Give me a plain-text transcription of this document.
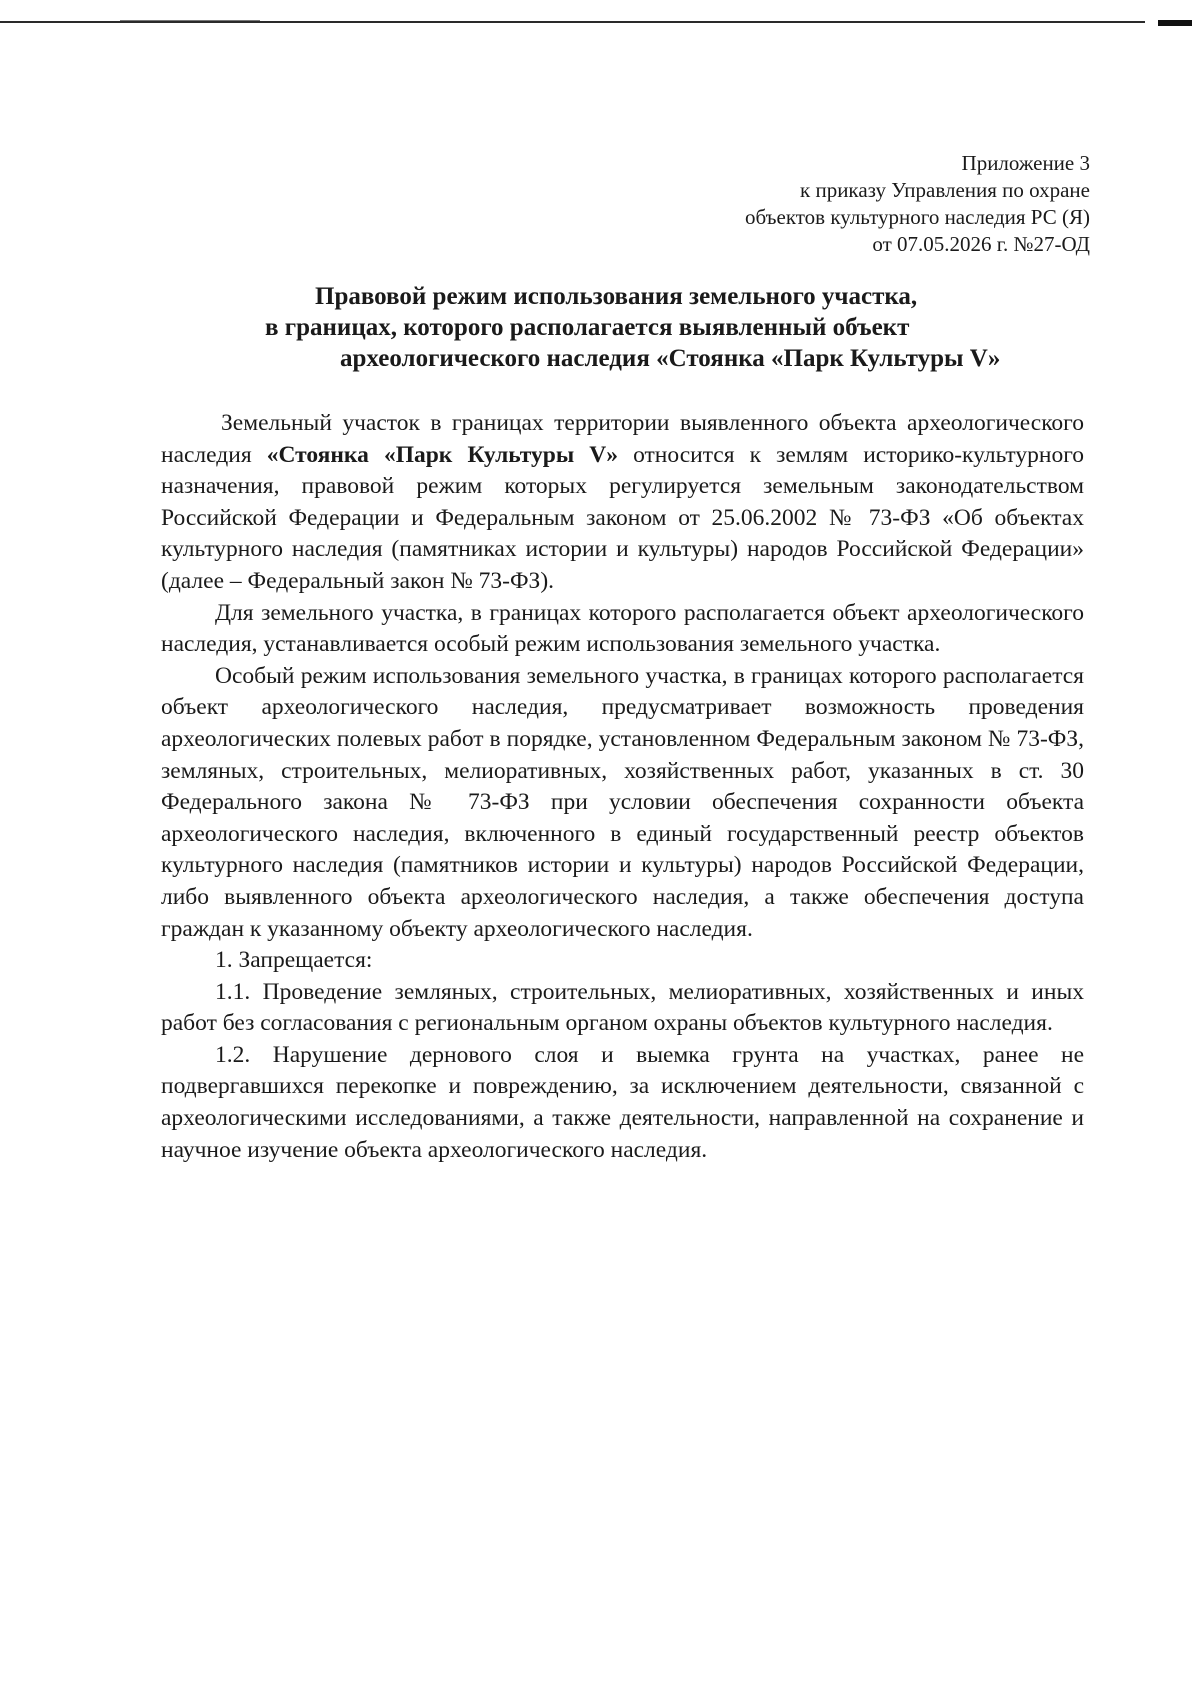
Приложение 3
к приказу Управления по охране
объектов культурного наследия РС (Я)
от 07.05.2026 г. №27-ОД
Правовой режим использования земельного участка,
в границах, которого располагается выявленный объект
археологического наследия «Стоянка «Парк Культуры V»

Земельный участок в границах территории выявленного объекта археологического наследия «Стоянка «Парк Культуры V» относится к землям историко-культурного назначения, правовой режим которых регулируется земельным законодательством Российской Федерации и Федеральным законом от 25.06.2002 № 73-ФЗ «Об объектах культурного наследия (памятниках истории и культуры) народов Российской Федерации» (далее – Федеральный закон № 73-ФЗ).

Для земельного участка, в границах которого располагается объект археологического наследия, устанавливается особый режим использования земельного участка.

Особый режим использования земельного участка, в границах которого располагается объект археологического наследия, предусматривает возможность проведения археологических полевых работ в порядке, установленном Федеральным законом № 73-ФЗ, земляных, строительных, мелиоративных, хозяйственных работ, указанных в ст. 30 Федерального закона № 73-ФЗ при условии обеспечения сохранности объекта археологического наследия, включенного в единый государственный реестр объектов культурного наследия (памятников истории и культуры) народов Российской Федерации, либо выявленного объекта археологического наследия, а также обеспечения доступа граждан к указанному объекту археологического наследия.

1. Запрещается:

1.1. Проведение земляных, строительных, мелиоративных, хозяйственных и иных работ без согласования с региональным органом охраны объектов культурного наследия.

1.2. Нарушение дернового слоя и выемка грунта на участках, ранее не подвергавшихся перекопке и повреждению, за исключением деятельности, связанной с археологическими исследованиями, а также деятельности, направленной на сохранение и научное изучение объекта археологического наследия.
